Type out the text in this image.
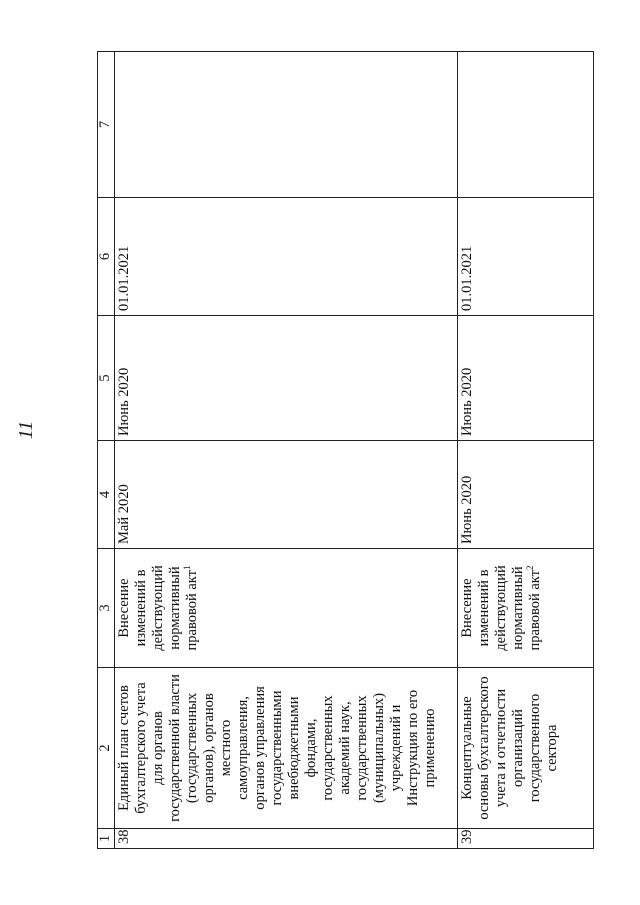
11
1	2	3	4	5	6	7
38	Единый план счетов бухгалтерского учета для органов государственной власти (государственных органов), органов местного самоуправления, органов управления государственными внебюджетными фондами, государственных академий наук, государственных (муниципальных) учреждений и Инструкция по его применению	Внесение изменений в действующий нормативный правовой акт$^1$	Май 2020	Июнь 2020	01.01.2021	
39	Концептуальные основы бухгалтерского учета и отчетности организаций государственного сектора	Внесение изменений в действующий нормативный правовой акт$^2$	Июнь 2020	Июнь 2020	01.01.2021	
